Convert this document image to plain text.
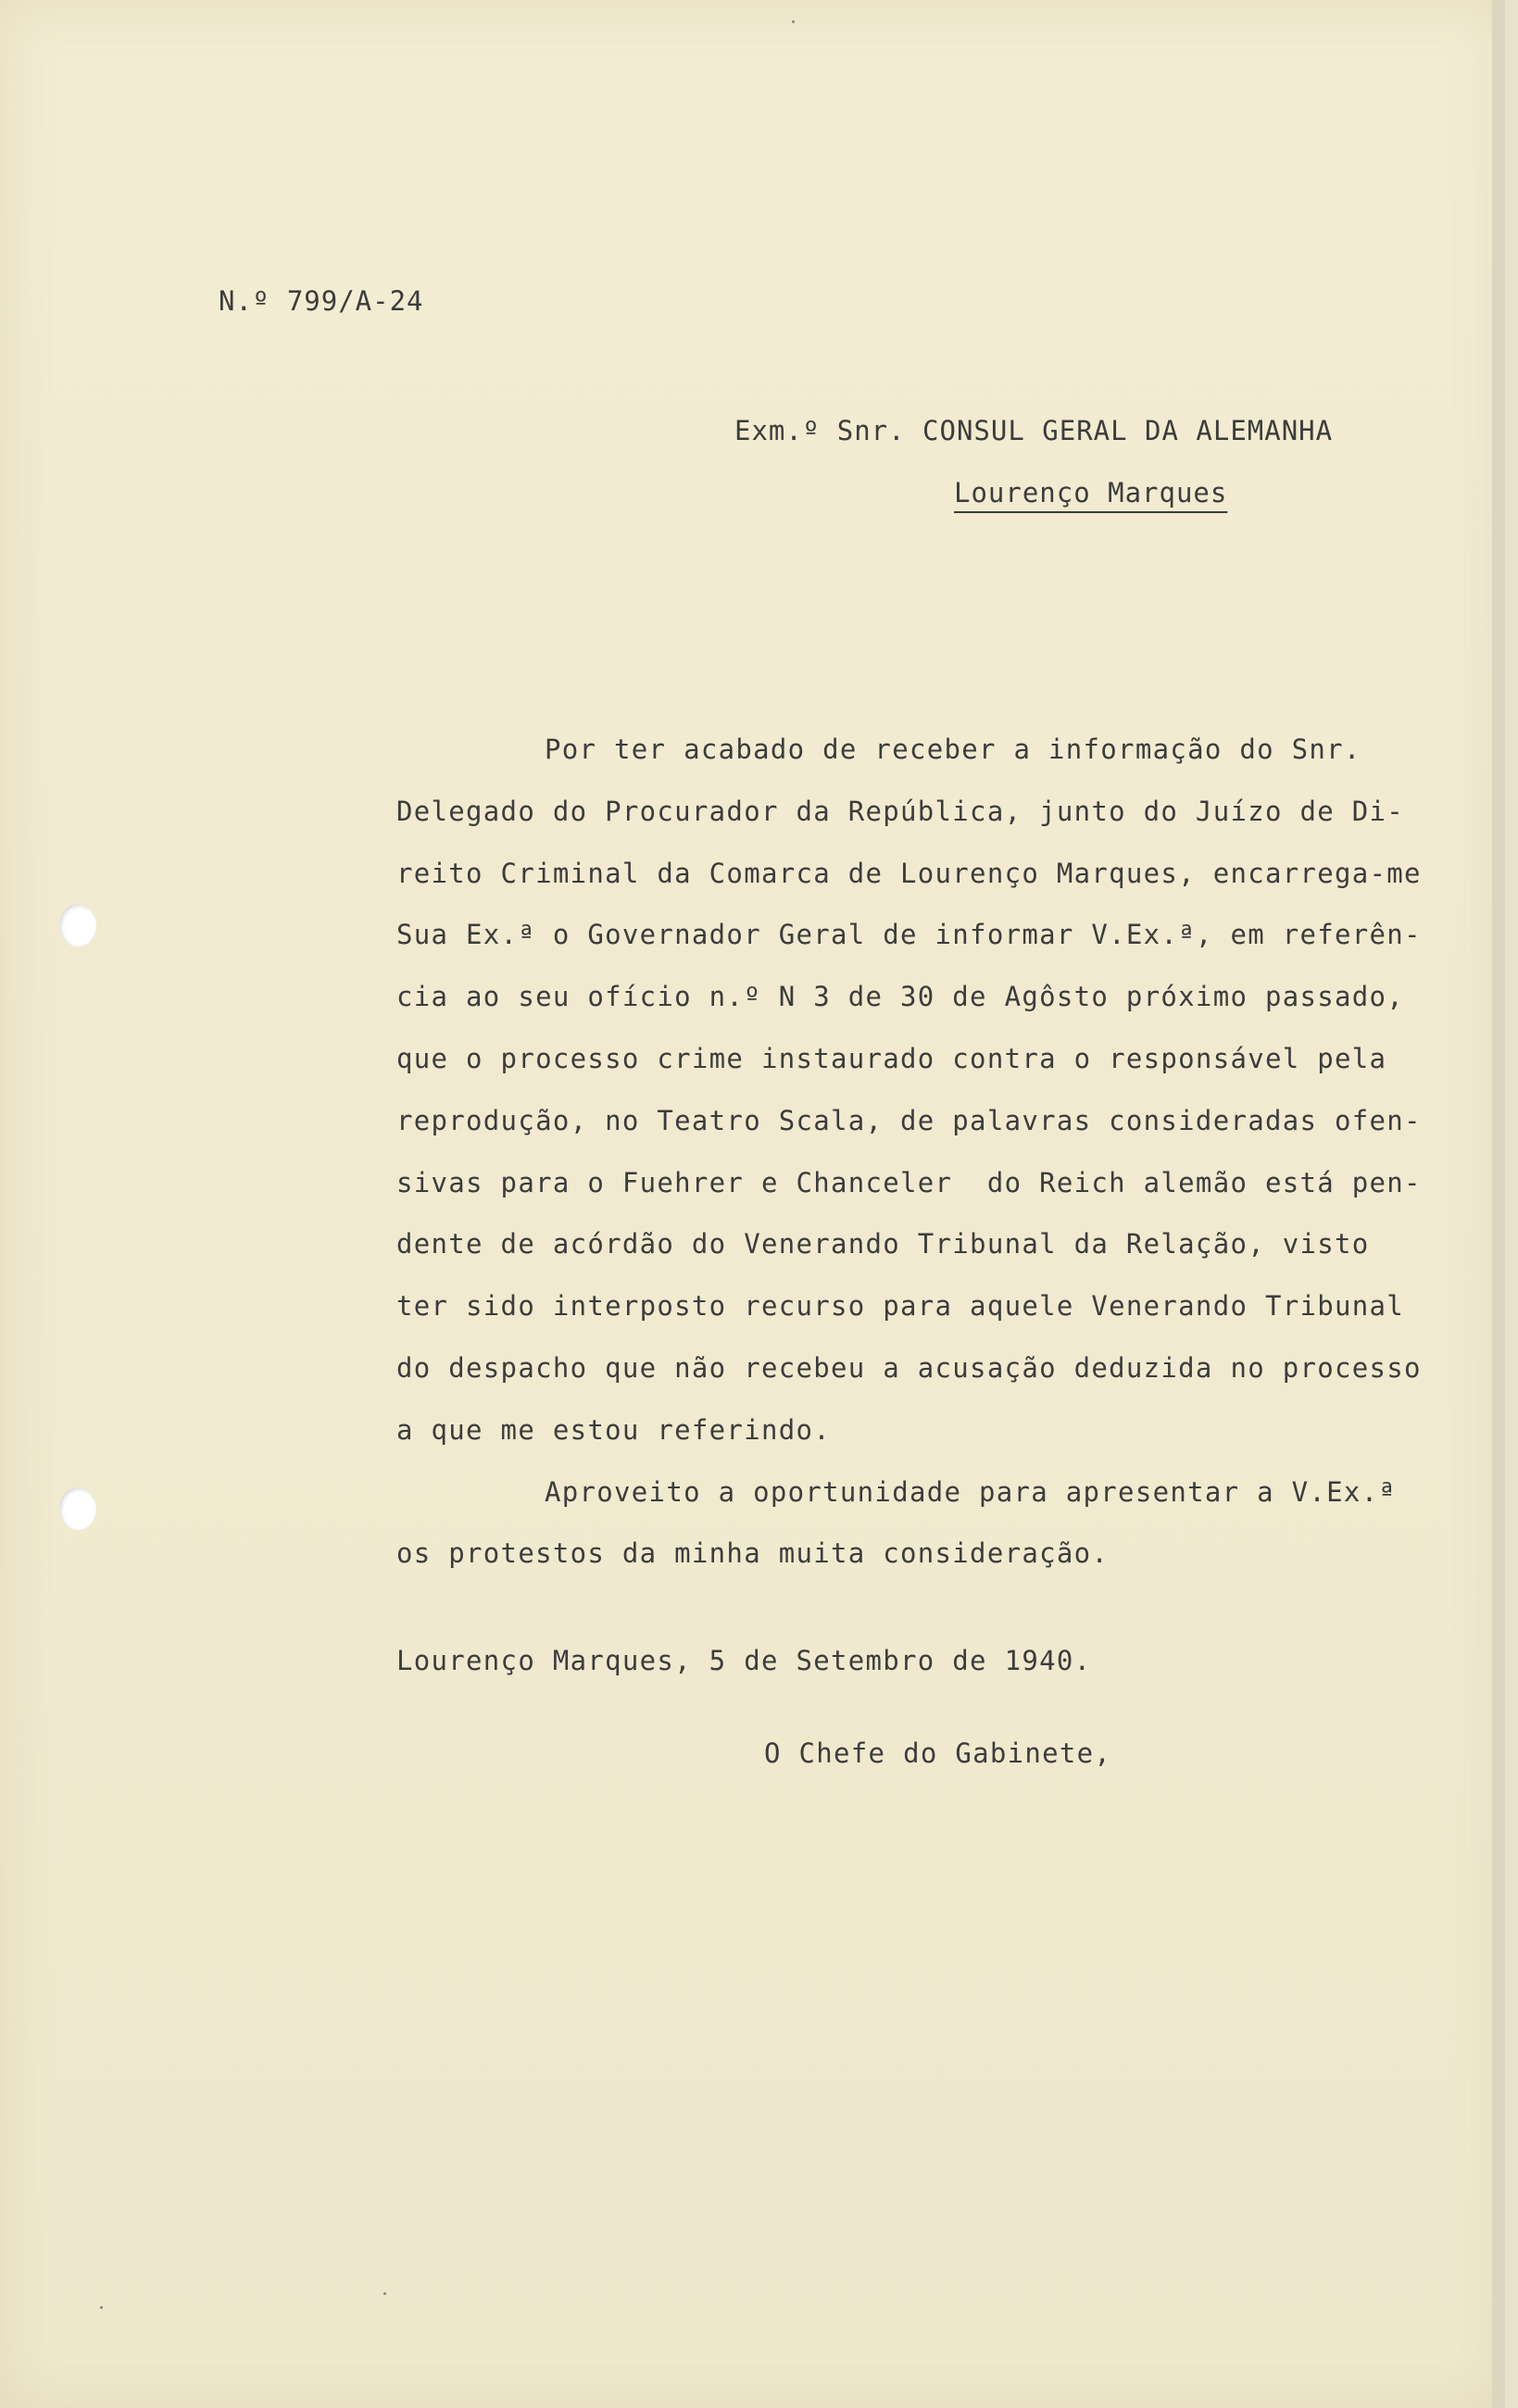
N.º 799/A-24
Exm.º Snr. CONSUL GERAL DA ALEMANHA
Lourenço Marques
Por ter acabado de receber a informação do Snr.
Delegado do Procurador da República, junto do Juízo de Di-
reito Criminal da Comarca de Lourenço Marques, encarrega-me
Sua Ex.ª o Governador Geral de informar V.Ex.ª, em referên-
cia ao seu ofício n.º N 3 de 30 de Agôsto próximo passado,
que o processo crime instaurado contra o responsável pela
reprodução, no Teatro Scala, de palavras consideradas ofen-
sivas para o Fuehrer e Chanceler  do Reich alemão está pen-
dente de acórdão do Venerando Tribunal da Relação, visto
ter sido interposto recurso para aquele Venerando Tribunal
do despacho que não recebeu a acusação deduzida no processo
a que me estou referindo.
Aproveito a oportunidade para apresentar a V.Ex.ª
os protestos da minha muita consideração.
Lourenço Marques, 5 de Setembro de 1940.
O Chefe do Gabinete,
